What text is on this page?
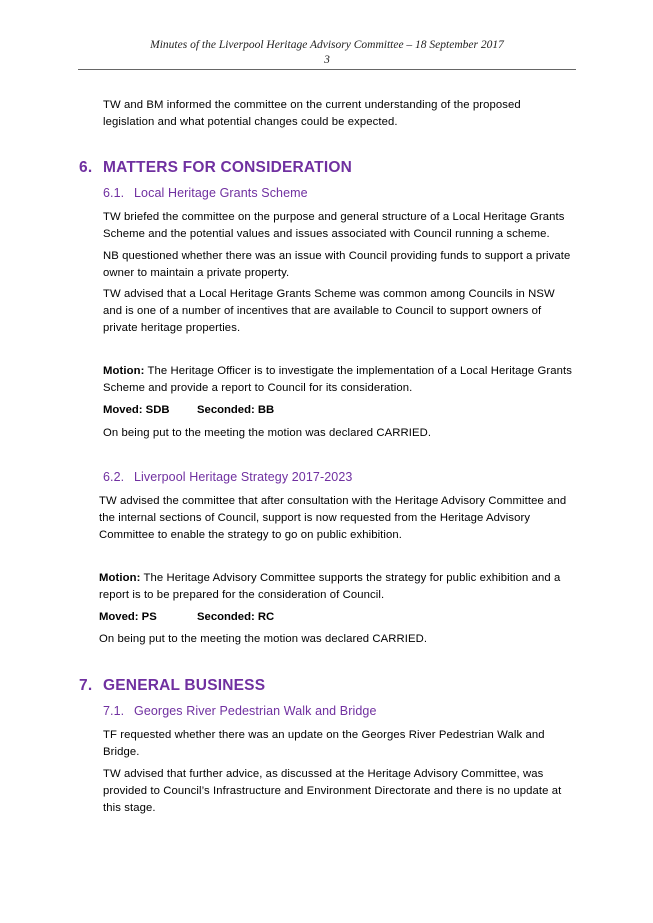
Minutes of the Liverpool Heritage Advisory Committee – 18 September 2017
3
TW and BM informed the committee on the current understanding of the proposed
legislation and what potential changes could be expected.
6. MATTERS FOR CONSIDERATION
6.1. Local Heritage Grants Scheme
TW briefed the committee on the purpose and general structure of a Local Heritage Grants
Scheme and the potential values and issues associated with Council running a scheme.
NB questioned whether there was an issue with Council providing funds to support a private
owner to maintain a private property.
TW advised that a Local Heritage Grants Scheme was common among Councils in NSW
and is one of a number of incentives that are available to Council to support owners of
private heritage properties.
Motion: The Heritage Officer is to investigate the implementation of a Local Heritage Grants
Scheme and provide a report to Council for its consideration.
Moved: SDB Seconded: BB
On being put to the meeting the motion was declared CARRIED.
6.2. Liverpool Heritage Strategy 2017-2023
TW advised the committee that after consultation with the Heritage Advisory Committee and
the internal sections of Council, support is now requested from the Heritage Advisory
Committee to enable the strategy to go on public exhibition.
Motion: The Heritage Advisory Committee supports the strategy for public exhibition and a
report is to be prepared for the consideration of Council.
Moved: PS	Seconded: RC
On being put to the meeting the motion was declared CARRIED.
7. GENERAL BUSINESS
7.1. Georges River Pedestrian Walk and Bridge
TF requested whether there was an update on the Georges River Pedestrian Walk and
Bridge.
TW advised that further advice, as discussed at the Heritage Advisory Committee, was
provided to Council’s Infrastructure and Environment Directorate and there is no update at
this stage.
